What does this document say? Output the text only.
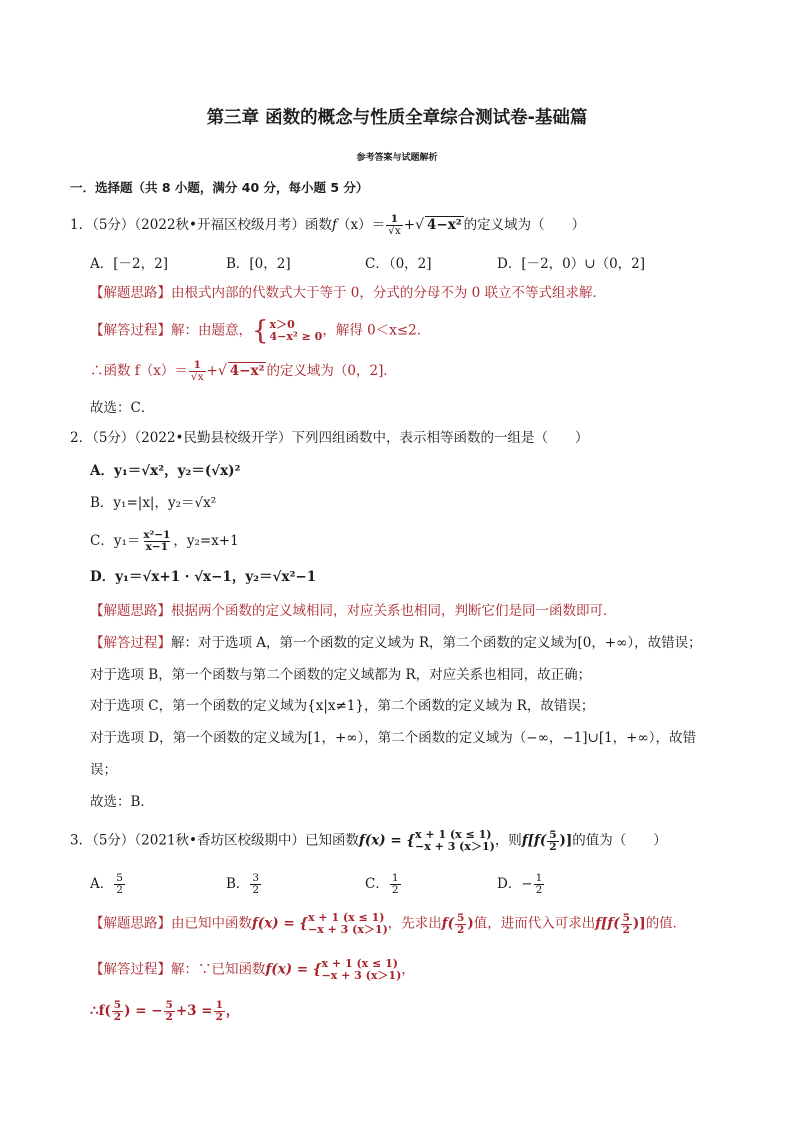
第三章 函数的概念与性质全章综合测试卷-基础篇
参考答案与试题解析
一．选择题（共 8 小题，满分 40 分，每小题 5 分）
1．（5分）（2022秋•开福区校级月考）函数$f(x)= \frac{1}{√x}$ +√ 4−x² 的定义域为（　　）
A．[－2，2]	B．[0，2]	C．（0，2]	D．[－2，0）∪（0，2]
【解题思路】由根式内部的代数式大于等于 0，分式的分母不为 0 联立不等式组求解．
【解答过程】解：由题意， { x＞0
4−x² ≥ 0 ，解得 0＜x≤2．
∴函数 $f(x)= \frac{1}{√x}$ +√ 4−x² 的定义域为（0，2]．
故选：C．
2．（5分）（2022•民勤县校级开学）下列四组函数中，表示相等函数的一组是（　　）
A．y₁＝√x²，y₂＝(√x)²
B．y₁=|x|，y₂＝√x²
C．$y_1= \frac{\text{x²−1}}{x-1}$ ，y₂=x+1
D．y₁＝√x+1 · √x−1，y₂＝√x²−1
【解题思路】根据两个函数的定义域相同，对应关系也相同，判断它们是同一函数即可．
【解答过程】解：对于选项 A，第一个函数的定义域为 R，第二个函数的定义域为[0，+∞），故错误；
对于选项 B，第一个函数与第二个函数的定义域都为 R，对应关系也相同，故正确；
对于选项 C，第一个函数的定义域为{x|x≠1}，第二个函数的定义域为 R，故错误；
对于选项 D，第一个函数的定义域为[1，+∞），第二个函数的定义域为（−∞，−1]∪[1，+∞），故错
误；
故选：B．
3．（5分）（2021秋•香坊区校级期中）已知函数f(x) = { x + 1 (x ≤ 1)
−x + 3 (x＞1) ，则$f[f( \frac{5}{2}$ )]的值为（　　）
A． $\frac{5}{2}$	B． $\frac{3}{2}$	C． $\frac{1}{2}$	D．− $\frac{1}{2}$
【解题思路】由已知中函数f(x) = { x + 1 (x ≤ 1)
−x + 3 (x＞1) ，先求出$f( \frac{5}{2}$ )值，进而代入可求出$f[f( \frac{5}{2}$ )]的值．
【解答过程】解：∵已知函数f(x) = { x + 1 (x ≤ 1)
−x + 3 (x＞1) ，
∴f( $\frac{5}{2}$ ) = − $\frac{5}{2} +3 = \frac{1}{2}$ ，
